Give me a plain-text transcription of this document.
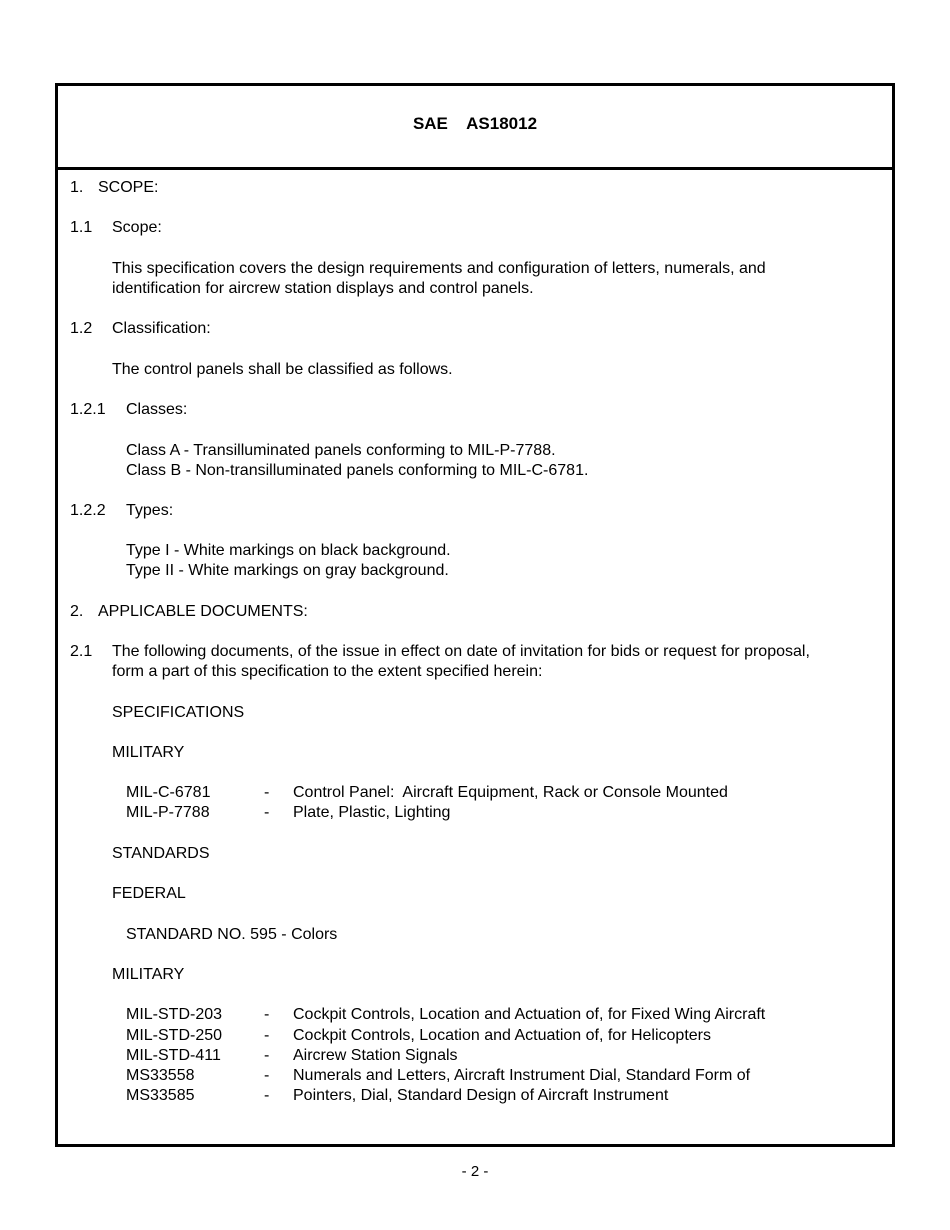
SAE    AS18012
1. SCOPE:
1.1 Scope:
This specification covers the design requirements and configuration of letters, numerals, and
identification for aircrew station displays and control panels.
1.2 Classification:
The control panels shall be classified as follows.
1.2.1 Classes:
Class A - Transilluminated panels conforming to MIL-P-7788.
Class B - Non-transilluminated panels conforming to MIL-C-6781.
1.2.2 Types:
Type I - White markings on black background.
Type II - White markings on gray background.
2. APPLICABLE DOCUMENTS:
2.1 The following documents, of the issue in effect on date of invitation for bids or request for proposal,
form a part of this specification to the extent specified herein:
SPECIFICATIONS
MILITARY
MIL-C-6781	- Control Panel:  Aircraft Equipment, Rack or Console Mounted
MIL-P-7788	- Plate, Plastic, Lighting
STANDARDS
FEDERAL
STANDARD NO. 595 - Colors
MILITARY
MIL-STD-203	- Cockpit Controls, Location and Actuation of, for Fixed Wing Aircraft
MIL-STD-250	- Cockpit Controls, Location and Actuation of, for Helicopters
MIL-STD-411	- Aircrew Station Signals
MS33558	- Numerals and Letters, Aircraft Instrument Dial, Standard Form of
MS33585	- Pointers, Dial, Standard Design of Aircraft Instrument
- 2 -
